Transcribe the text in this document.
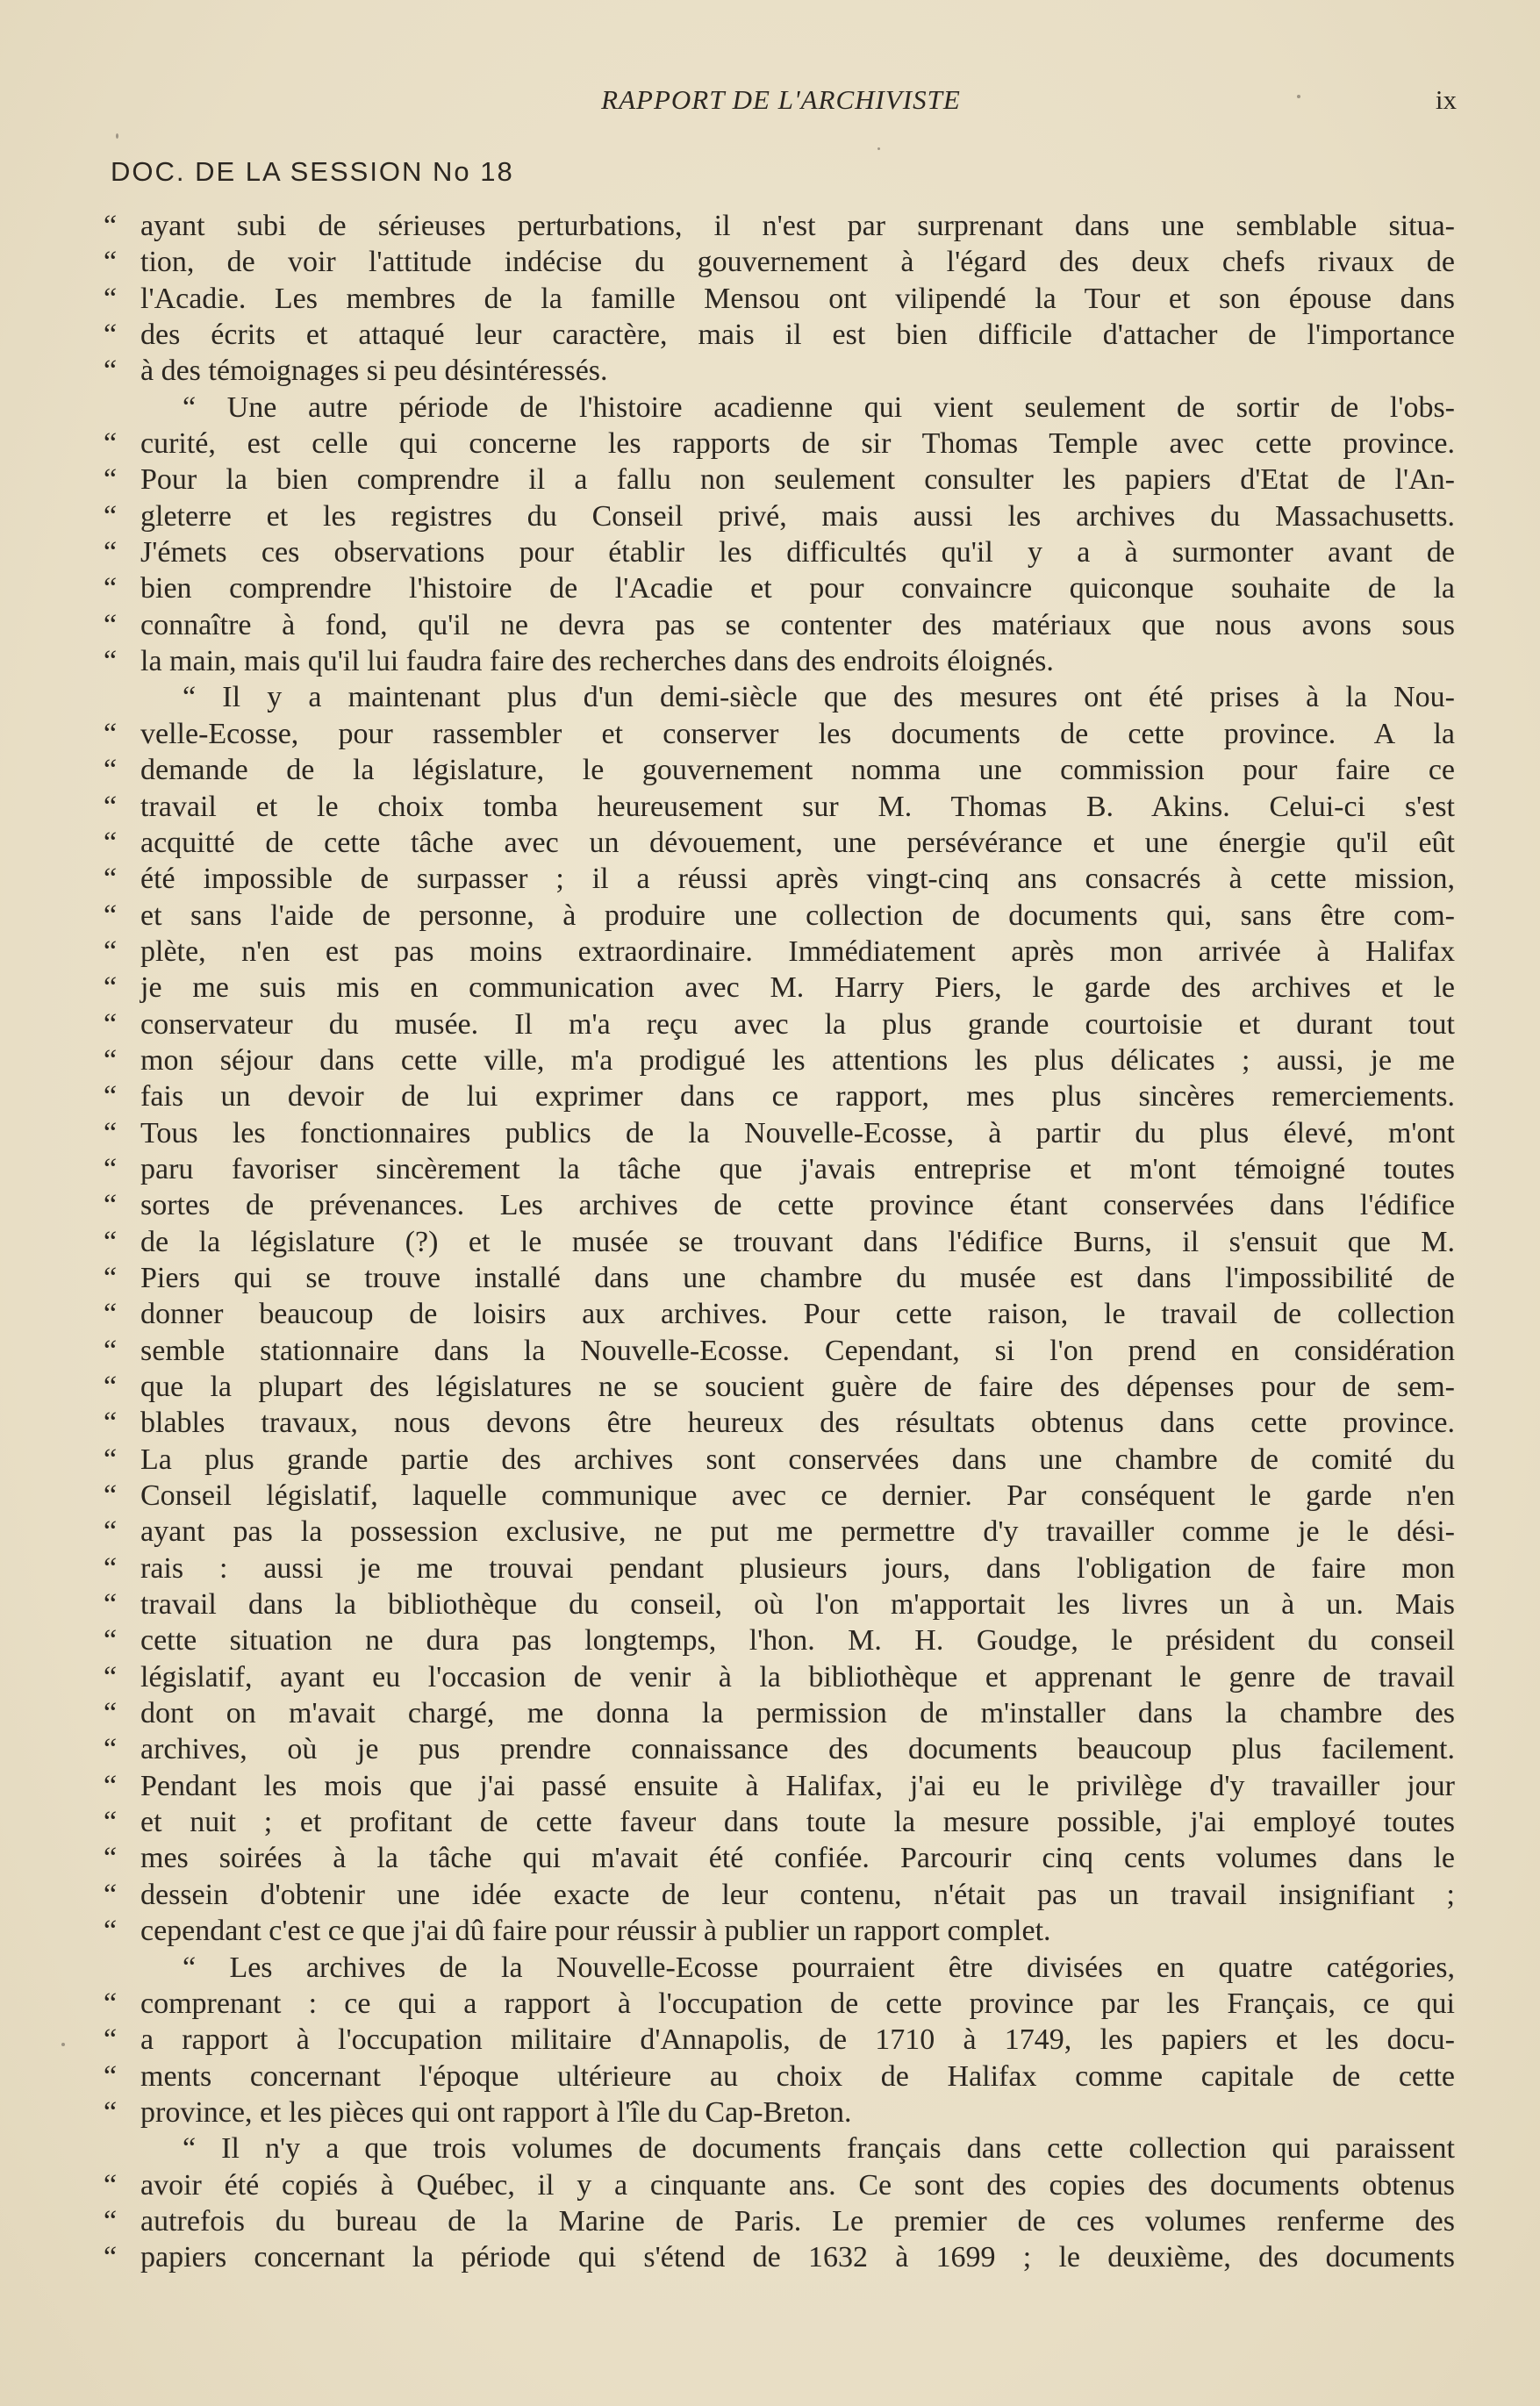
RAPPORT DE L'ARCHIVISTE	ix
DOC. DE LA SESSION No 18
“ ayant subi de sérieuses perturbations, il n'est par surprenant dans une semblable situa-
“ tion, de voir l'attitude indécise du gouvernement à l'égard des deux chefs rivaux de
“ l'Acadie. Les membres de la famille Mensou ont vilipendé la Tour et son épouse dans
“ des écrits et attaqué leur caractère, mais il est bien difficile d'attacher de l'importance
“ à des témoignages si peu désintéressés.
“ Une autre période de l'histoire acadienne qui vient seulement de sortir de l'obs-
“ curité, est celle qui concerne les rapports de sir Thomas Temple avec cette province.
“ Pour la bien comprendre il a fallu non seulement consulter les papiers d'Etat de l'An-
“ gleterre et les registres du Conseil privé, mais aussi les archives du Massachusetts.
“ J'émets ces observations pour établir les difficultés qu'il y a à surmonter avant de
“ bien comprendre l'histoire de l'Acadie et pour convaincre quiconque souhaite de la
“ connaître à fond, qu'il ne devra pas se contenter des matériaux que nous avons sous
“ la main, mais qu'il lui faudra faire des recherches dans des endroits éloignés.
“ Il y a maintenant plus d'un demi-siècle que des mesures ont été prises à la Nou-
“ velle-Ecosse, pour rassembler et conserver les documents de cette province. A la
“ demande de la législature, le gouvernement nomma une commission pour faire ce
“ travail et le choix tomba heureusement sur M. Thomas B. Akins. Celui-ci s'est
“ acquitté de cette tâche avec un dévouement, une persévérance et une énergie qu'il eût
“ été impossible de surpasser ; il a réussi après vingt-cinq ans consacrés à cette mission,
“ et sans l'aide de personne, à produire une collection de documents qui, sans être com-
“ plète, n'en est pas moins extraordinaire. Immédiatement après mon arrivée à Halifax
“ je me suis mis en communication avec M. Harry Piers, le garde des archives et le
“ conservateur du musée. Il m'a reçu avec la plus grande courtoisie et durant tout
“ mon séjour dans cette ville, m'a prodigué les attentions les plus délicates ; aussi, je me
“ fais un devoir de lui exprimer dans ce rapport, mes plus sincères remerciements.
“ Tous les fonctionnaires publics de la Nouvelle-Ecosse, à partir du plus élevé, m'ont
“ paru favoriser sincèrement la tâche que j'avais entreprise et m'ont témoigné toutes
“ sortes de prévenances. Les archives de cette province étant conservées dans l'édifice
“ de la législature (?) et le musée se trouvant dans l'édifice Burns, il s'ensuit que M.
“ Piers qui se trouve installé dans une chambre du musée est dans l'impossibilité de
“ donner beaucoup de loisirs aux archives. Pour cette raison, le travail de collection
“ semble stationnaire dans la Nouvelle-Ecosse. Cependant, si l'on prend en considération
“ que la plupart des législatures ne se soucient guère de faire des dépenses pour de sem-
“ blables travaux, nous devons être heureux des résultats obtenus dans cette province.
“ La plus grande partie des archives sont conservées dans une chambre de comité du
“ Conseil législatif, laquelle communique avec ce dernier. Par conséquent le garde n'en
“ ayant pas la possession exclusive, ne put me permettre d'y travailler comme je le dési-
“ rais : aussi je me trouvai pendant plusieurs jours, dans l'obligation de faire mon
“ travail dans la bibliothèque du conseil, où l'on m'apportait les livres un à un. Mais
“ cette situation ne dura pas longtemps, l'hon. M. H. Goudge, le président du conseil
“ législatif, ayant eu l'occasion de venir à la bibliothèque et apprenant le genre de travail
“ dont on m'avait chargé, me donna la permission de m'installer dans la chambre des
“ archives, où je pus prendre connaissance des documents beaucoup plus facilement.
“ Pendant les mois que j'ai passé ensuite à Halifax, j'ai eu le privilège d'y travailler jour
“ et nuit ; et profitant de cette faveur dans toute la mesure possible, j'ai employé toutes
“ mes soirées à la tâche qui m'avait été confiée. Parcourir cinq cents volumes dans le
“ dessein d'obtenir une idée exacte de leur contenu, n'était pas un travail insignifiant ;
“ cependant c'est ce que j'ai dû faire pour réussir à publier un rapport complet.
“ Les archives de la Nouvelle-Ecosse pourraient être divisées en quatre catégories,
“ comprenant : ce qui a rapport à l'occupation de cette province par les Français, ce qui
“ a rapport à l'occupation militaire d'Annapolis, de 1710 à 1749, les papiers et les docu-
“ ments concernant l'époque ultérieure au choix de Halifax comme capitale de cette
“ province, et les pièces qui ont rapport à l'île du Cap-Breton.
“ Il n'y a que trois volumes de documents français dans cette collection qui paraissent
“ avoir été copiés à Québec, il y a cinquante ans. Ce sont des copies des documents obtenus
“ autrefois du bureau de la Marine de Paris. Le premier de ces volumes renferme des
“ papiers concernant la période qui s'étend de 1632 à 1699 ; le deuxième, des documents
